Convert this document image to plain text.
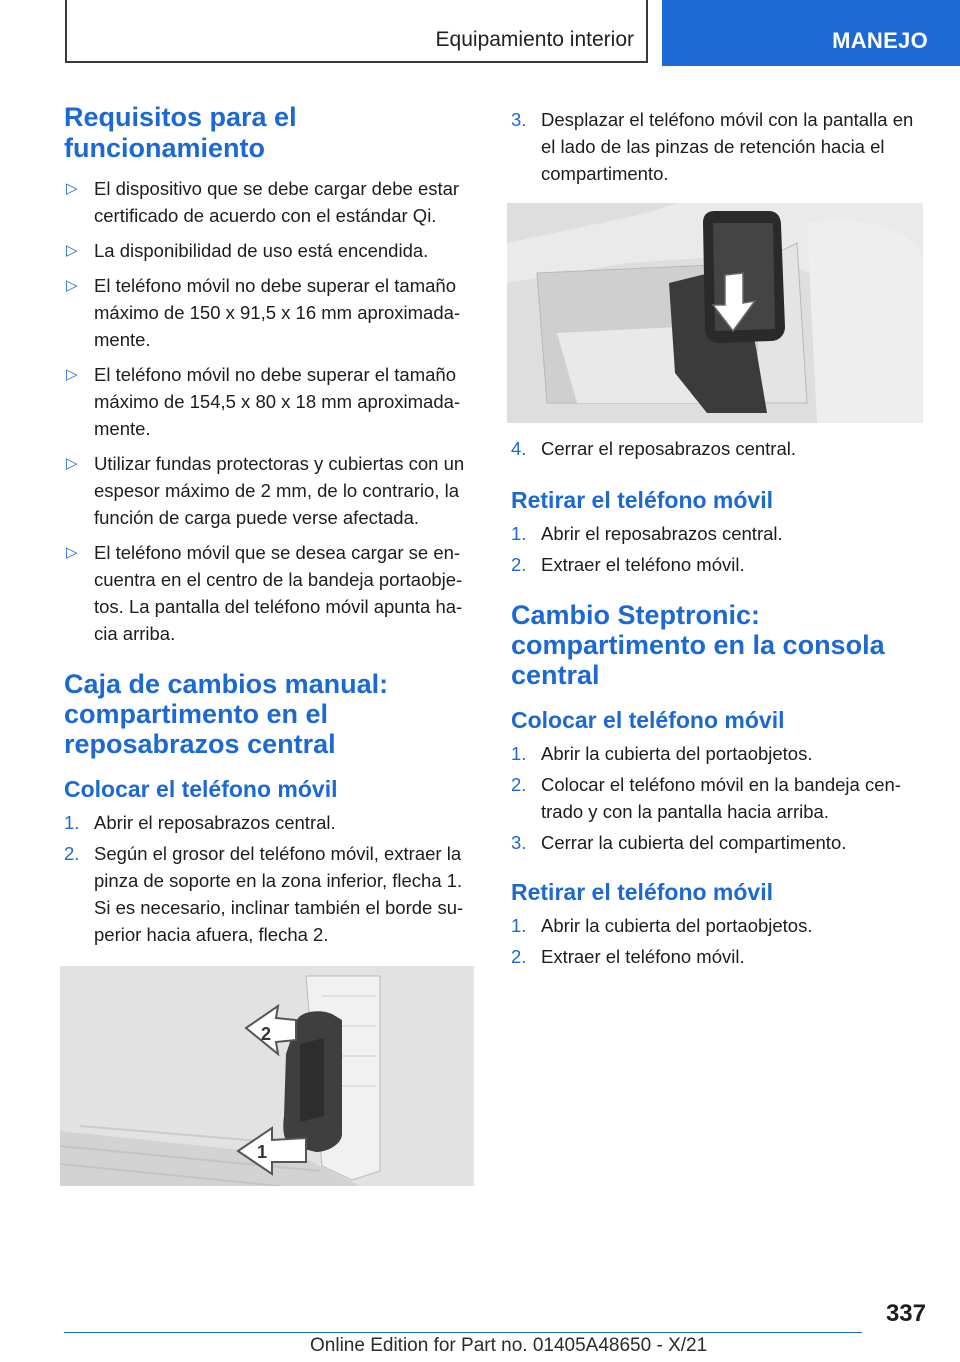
Equipamiento interior	MANEJO
Requisitos para el funcionamiento
▷ El dispositivo que se debe cargar debe estar certificado de acuerdo con el estándar Qi.
▷ La disponibilidad de uso está encendida.
▷ El teléfono móvil no debe superar el tamaño máximo de 150 x 91,5 x 16 mm aproximada-mente.
▷ El teléfono móvil no debe superar el tamaño máximo de 154,5 x 80 x 18 mm aproximada-mente.
▷ Utilizar fundas protectoras y cubiertas con un espesor máximo de 2 mm, de lo contrario, la función de carga puede verse afectada.
▷ El teléfono móvil que se desea cargar se en-cuentra en el centro de la bandeja portaobje-tos. La pantalla del teléfono móvil apunta ha-cia arriba.
Caja de cambios manual: compartimento en el reposabrazos central
Colocar el teléfono móvil
1. Abrir el reposabrazos central.
2. Según el grosor del teléfono móvil, extraer la pinza de soporte en la zona inferior, flecha 1. Si es necesario, inclinar también el borde su-perior hacia afuera, flecha 2.
2
1
3. Desplazar el teléfono móvil con la pantalla en el lado de las pinzas de retención hacia el compartimento.
4. Cerrar el reposabrazos central.
Retirar el teléfono móvil
1. Abrir el reposabrazos central.
2. Extraer el teléfono móvil.
Cambio Steptronic: compartimento en la consola central
Colocar el teléfono móvil
1. Abrir la cubierta del portaobjetos.
2. Colocar el teléfono móvil en la bandeja cen-trado y con la pantalla hacia arriba.
3. Cerrar la cubierta del compartimento.
Retirar el teléfono móvil
1. Abrir la cubierta del portaobjetos.
2. Extraer el teléfono móvil.
337
Online Edition for Part no. 01405A48650 - X/21
